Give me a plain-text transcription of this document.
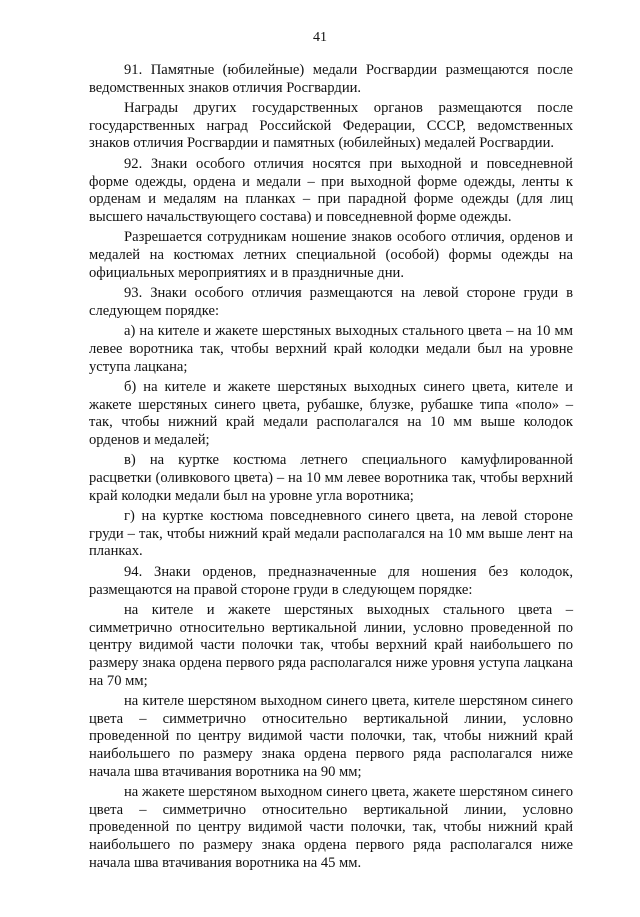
41

91. Памятные (юбилейные) медали Росгвардии размещаются после ведомственных знаков отличия Росгвардии.

Награды других государственных органов размещаются после государственных наград Российской Федерации, СССР, ведомственных знаков отличия Росгвардии и памятных (юбилейных) медалей Росгвардии.

92. Знаки особого отличия носятся при выходной и повседневной форме одежды, ордена и медали – при выходной форме одежды, ленты к орденам и медалям на планках – при парадной форме одежды (для лиц высшего начальствующего состава) и повседневной форме одежды.

Разрешается сотрудникам ношение знаков особого отличия, орденов и медалей на костюмах летних специальной (особой) формы одежды на официальных мероприятиях и в праздничные дни.

93. Знаки особого отличия размещаются на левой стороне груди в следующем порядке:

а) на кителе и жакете шерстяных выходных стального цвета – на 10 мм левее воротника так, чтобы верхний край колодки медали был на уровне уступа лацкана;

б) на кителе и жакете шерстяных выходных синего цвета, кителе и жакете шерстяных синего цвета, рубашке, блузке, рубашке типа «поло» – так, чтобы нижний край медали располагался на 10 мм выше колодок орденов и медалей;

в) на куртке костюма летнего специального камуфлированной расцветки (оливкового цвета) – на 10 мм левее воротника так, чтобы верхний край колодки медали был на уровне угла воротника;

г) на куртке костюма повседневного синего цвета, на левой стороне груди – так, чтобы нижний край медали располагался на 10 мм выше лент на планках.

94. Знаки орденов, предназначенные для ношения без колодок, размещаются на правой стороне груди в следующем порядке:

на кителе и жакете шерстяных выходных стального цвета – симметрично относительно вертикальной линии, условно проведенной по центру видимой части полочки так, чтобы верхний край наибольшего по размеру знака ордена первого ряда располагался ниже уровня уступа лацкана на 70 мм;

на кителе шерстяном выходном синего цвета, кителе шерстяном синего цвета – симметрично относительно вертикальной линии, условно проведенной по центру видимой части полочки, так, чтобы нижний край наибольшего по размеру знака ордена первого ряда располагался ниже начала шва втачивания воротника на 90 мм;

на жакете шерстяном выходном синего цвета, жакете шерстяном синего цвета – симметрично относительно вертикальной линии, условно проведенной по центру видимой части полочки, так, чтобы нижний край наибольшего по размеру знака ордена первого ряда располагался ниже начала шва втачивания воротника на 45 мм.
